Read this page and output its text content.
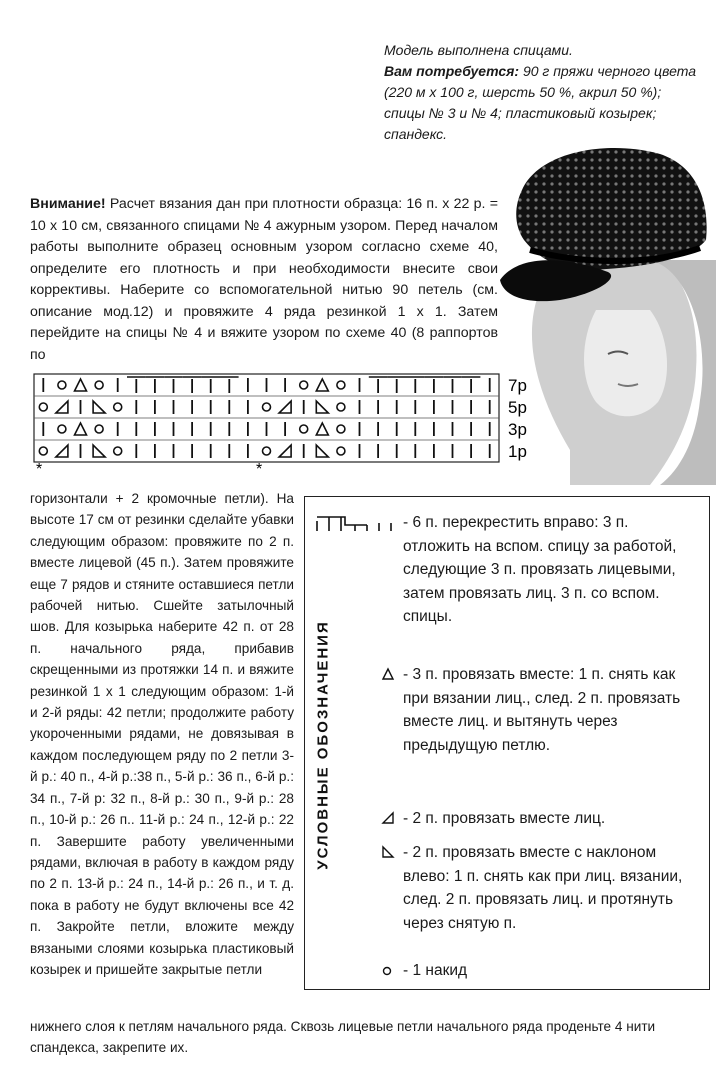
Модель выполнена спицами.

Вам потребуется: 90 г пряжи черного цвета (220 м х 100 г, шерсть 50 %, акрил 50 %); спицы № 3 и № 4; пластиковый козырек; спандекс.

Внимание! Расчет вязания дан при плотности образца: 16 п. х 22 р. = 10 х 10 см, связанного спицами № 4 ажурным узором. Перед началом работы выполните образец основным узором согласно схеме 40, определите его плотность и при необходимости внесите свои коррективы. Наберите со вспомогательной нитью 90 петель (см. описание мод.12) и провяжите 4 ряда резинкой 1 х 1. Затем перейдите на спицы № 4 и вяжите узором по схеме 40 (8 раппортов по
7р
5р
3р
1р
*	*
горизонтали + 2 кромочные петли). На высоте 17 см от резинки сделайте убавки следующим образом: провяжите по 2 п. вместе лицевой (45 п.). Затем провяжите еще 7 рядов и стяните оставшиеся петли рабочей нитью. Сшейте затылочный шов. Для козырька наберите 42 п. от 28 п. начального ряда, прибавив скрещенными из протяжки 14 п. и вяжите резинкой 1 х 1 следующим образом: 1-й и 2-й ряды: 42 петли; продолжите работу укороченными рядами, не довязывая в каждом последующем ряду по 2 петли 3-й р.: 40 п., 4-й р.:38 п., 5-й р.: 36 п., 6-й р.: 34 п., 7-й р: 32 п., 8-й р.: 30 п., 9-й р.: 28 п., 10-й р.: 26 п.. 11-й р.: 24 п., 12-й р.: 22 п. Завершите работу увеличенными рядами, включая в работу в каждом ряду по 2 п. 13-й р.: 24 п., 14-й р.: 26 п., и т. д. пока в работу не будут включены все 42 п. Закройте петли, вложите между вязаными слоями козырька пластиковый козырек и пришейте закрытые петли
УСЛОВНЫЕ ОБОЗНАЧЕНИЯ
- 6 п. перекрестить вправо: 3 п. отложить на вспом. спицу за работой, следующие 3 п. провязать лицевыми, затем провязать лиц. 3 п. со вспом. спицы.
- 3 п. провязать вместе: 1 п. снять как при вязании лиц., след. 2 п. провязать вместе лиц. и вытянуть через предыдущую петлю.
- 2 п. провязать вместе лиц.
- 2 п. провязать вместе с наклоном влево: 1 п. снять как при лиц. вязании, след. 2 п. провязать лиц. и протянуть через снятую п.
- 1 накид
нижнего слоя к петлям начального ряда. Сквозь лицевые петли начального ряда проденьте 4 нити спандекса, закрепите их.
